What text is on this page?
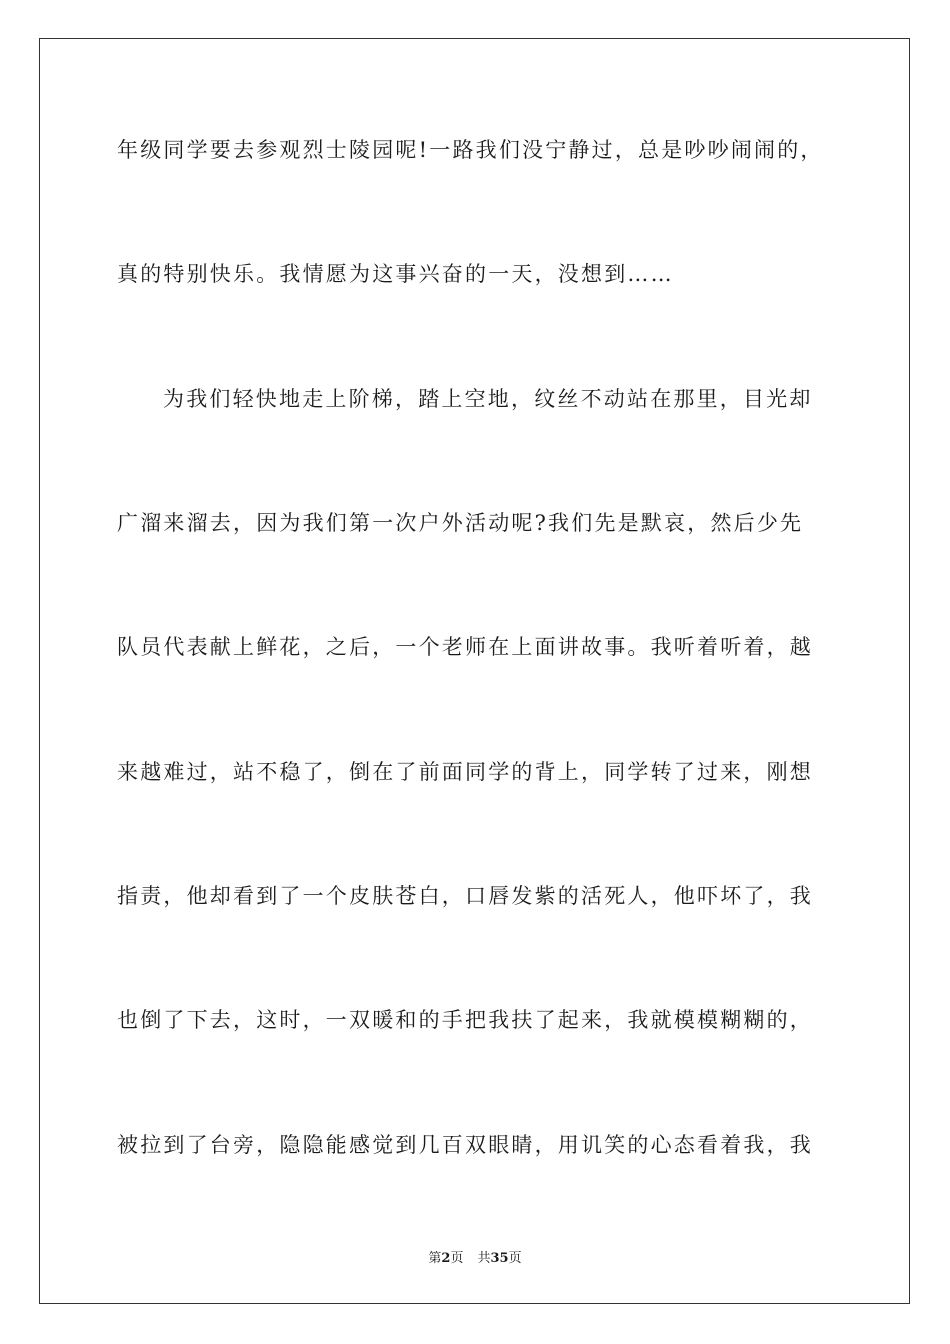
年级同学要去参观烈士陵园呢!一路我们没宁静过，总是吵吵闹闹的，
真的特别快乐。我情愿为这事兴奋的一天，没想到……
为我们轻快地走上阶梯，踏上空地，纹丝不动站在那里，目光却
广溜来溜去，因为我们第一次户外活动呢?我们先是默哀，然后少先
队员代表献上鲜花，之后，一个老师在上面讲故事。我听着听着，越
来越难过，站不稳了，倒在了前面同学的背上，同学转了过来，刚想
指责，他却看到了一个皮肤苍白，口唇发紫的活死人，他吓坏了，我
也倒了下去，这时，一双暖和的手把我扶了起来，我就模模糊糊的，
被拉到了台旁，隐隐能感觉到几百双眼睛，用讥笑的心态看着我，我
第2页 共35页
